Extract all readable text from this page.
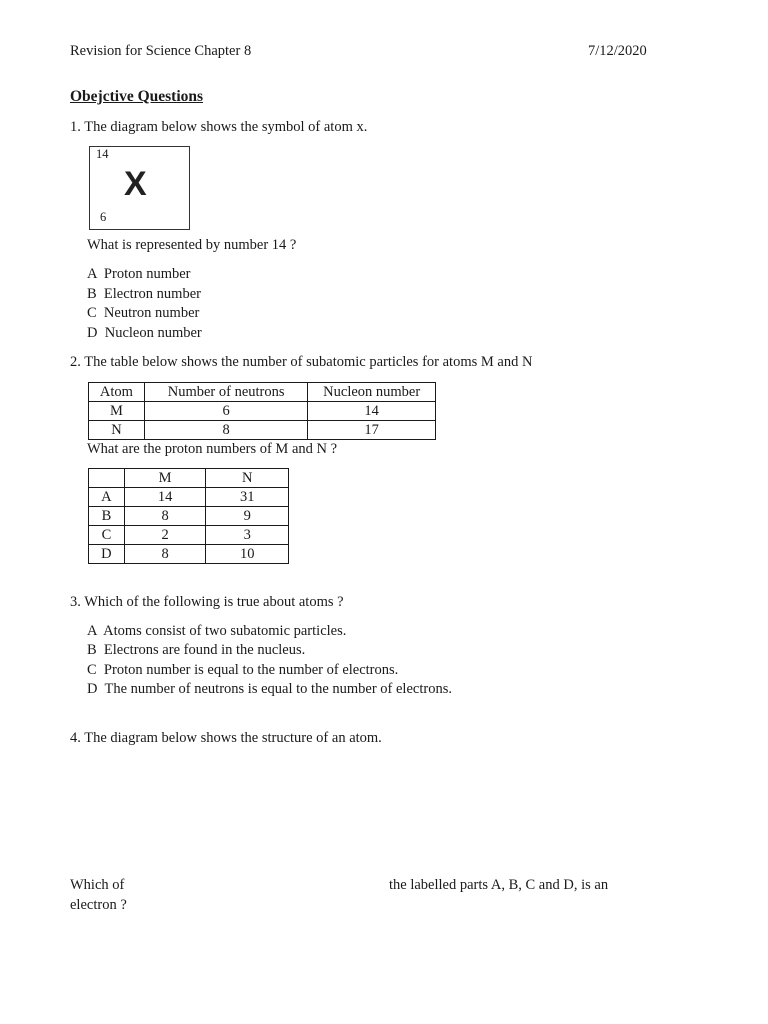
Revision for Science Chapter 8	7/12/2020
Obejctive Questions
1. The diagram below shows the symbol of atom x.
14
X
6
What is represented by number 14 ?
A  Proton number
B  Electron number
C  Neutron number
D  Nucleon number
2. The table below shows the number of subatomic particles for atoms M and N
Atom	Number of neutrons	Nucleon number
M	6	14
N	8	17
What are the proton numbers of M and N ?
	M	N
A	14	31
B	8	9
C	2	3
D	8	10
3. Which of the following is true about atoms ?
A  Atoms consist of two subatomic particles.
B  Electrons are found in the nucleus.
C  Proton number is equal to the number of electrons.
D  The number of neutrons is equal to the number of electrons.
4. The diagram below shows the structure of an atom.
Which of	the labelled parts A, B, C and D, is an
electron ?
